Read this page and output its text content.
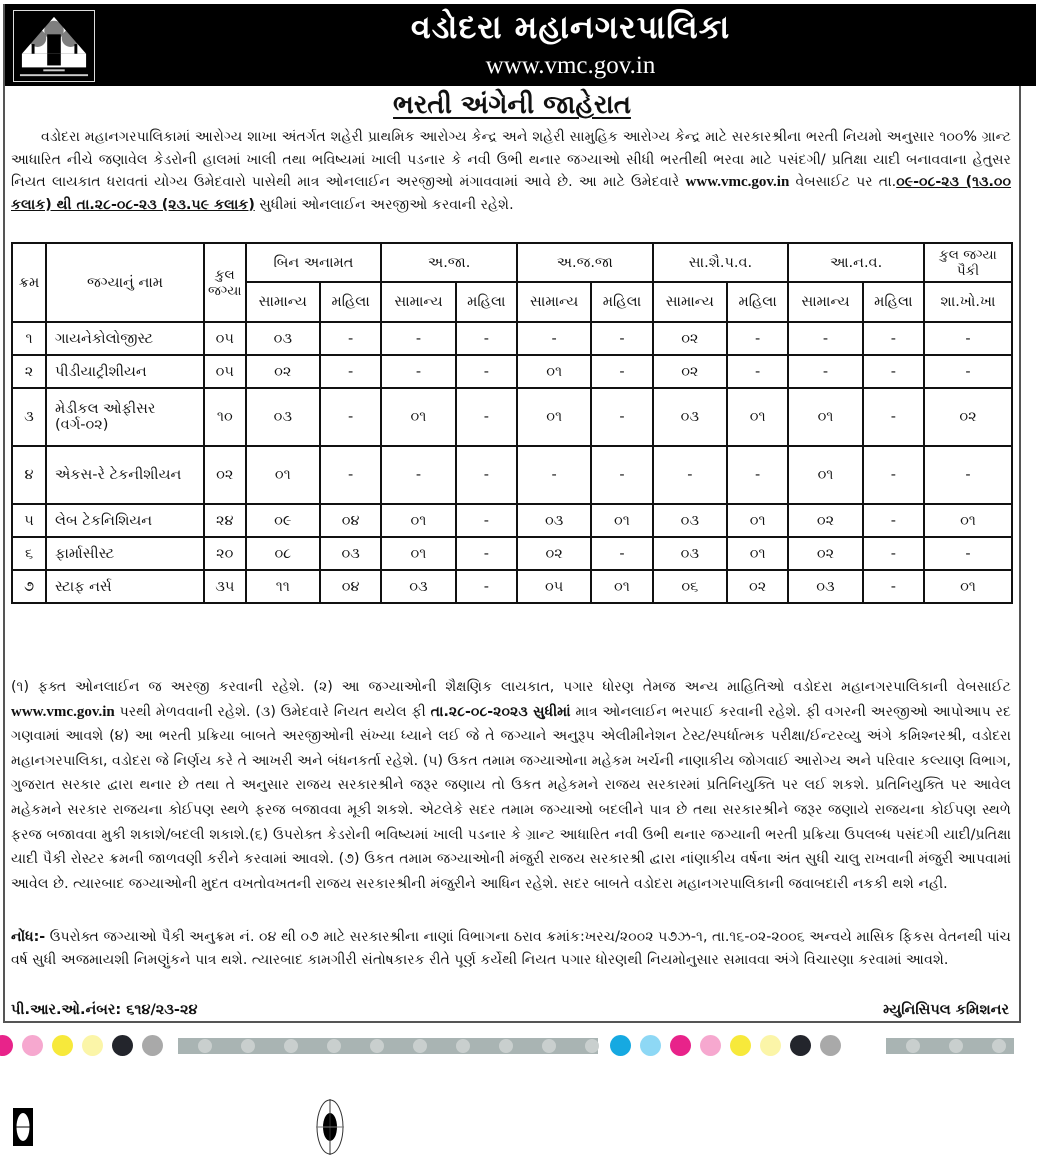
વડોદરા મહાનગરપાલિકા
www.vmc.gov.in
ભરતી અંગેની જાહેરાત
વડોદરા મહાનગરપાલિકામાં આરોગ્ય શાખા અંતર્ગત શહેરી પ્રાથમિક આરોગ્ય કેન્દ્ર અને શહેરી સામુહિક આરોગ્ય કેન્દ્ર માટે સરકારશ્રીના ભરતી નિયમો અનુસાર ૧૦૦% ગ્રાન્ટ આધારિત નીચે જણાવેલ કેડરોની હાલમાં ખાલી તથા ભવિષ્યમાં ખાલી પડનાર કે નવી ઉભી થનાર જગ્યાઓ સીધી ભરતીથી ભરવા માટે પસંદગી/ પ્રતિક્ષા યાદી બનાવવાના હેતુસર નિયત લાયકાત ધરાવતાં યોગ્ય ઉમેદવારો પાસેથી માત્ર ઓનલાઈન અરજીઓ મંગાવવામાં આવે છે. આ માટે ઉમેદવારે www.vmc.gov.in વેબસાઈટ પર તા.૦૯-૦૮-૨૩ (૧૩.૦૦ કલાક) થી તા.૨૮-૦૮-૨૩ (૨૩.૫૯ કલાક) સુધીમાં ઓનલાઈન અરજીઓ કરવાની રહેશે.
ક્રમ	જગ્યાનું નામ	કુલ જગ્યા	બિન અનામત		અ.જા.		અ.જ.જા		સા.શૈ.પ.વ.		આ.ન.વ.		કુલ જગ્યા પૈકી
			સામાન્ય	મહિલા	સામાન્ય	મહિલા	સામાન્ય	મહિલા	સામાન્ય	મહિલા	સામાન્ય	મહિલા	શા.ખો.ખા
૧	ગાયનેકોલોજીસ્ટ	૦૫	૦૩	-	-	-	-	-	૦૨	-	-	-	-
૨	પીડીયાટ્રીશીયન	૦૫	૦૨	-	-	-	૦૧	-	૦૨	-	-	-	-
૩	મેડીકલ ઓફીસર (વર્ગ-૦૨)	૧૦	૦૩	-	૦૧	-	૦૧	-	૦૩	૦૧	૦૧	-	૦૨
૪	એકસ-રે ટેકનીશીયન	૦૨	૦૧	-	-	-	-	-	-	-	૦૧	-	-
૫	લેબ ટેકનિશિયન	૨૪	૦૯	૦૪	૦૧	-	૦૩	૦૧	૦૩	૦૧	૦૨	-	૦૧
૬	ફાર્માસીસ્ટ	૨૦	૦૮	૦૩	૦૧	-	૦૨	-	૦૩	૦૧	૦૨	-	-
૭	સ્ટાફ નર્સ	૩૫	૧૧	૦૪	૦૩	-	૦૫	૦૧	૦૬	૦૨	૦૩	-	૦૧
(૧) ફક્ત ઓનલાઈન જ અરજી કરવાની રહેશે. (૨) આ જગ્યાઓની શૈક્ષણિક લાયકાત, પગાર ધોરણ તેમજ અન્ય માહિતિઓ વડોદરા મહાનગરપાલિકાની વેબસાઈટ www.vmc.gov.in પરથી મેળવવાની રહેશે. (૩) ઉમેદવારે નિયત થયેલ ફી તા.૨૮-૦૮-૨૦૨૩ સુધીમાં માત્ર ઓનલાઈન ભરપાઈ કરવાની રહેશે. ફી વગરની અરજીઓ આપોઆપ રદ ગણવામાં આવશે (૪) આ ભરતી પ્રક્રિયા બાબતે અરજીઓની સંખ્યા ધ્યાને લઈ જે તે જગ્યાને અનુરૂપ એલીમીનેશન ટેસ્ટ/સ્પર્ધાત્મક પરીક્ષા/ઈન્ટરવ્યુ અંગે કમિશ્નરશ્રી, વડોદરા મહાનગરપાલિકા, વડોદરા જે નિર્ણય કરે તે આખરી અને બંધનકર્તા રહેશે. (૫) ઉકત તમામ જગ્યાઓના મહેકમ ખર્ચની નાણાકીય જોગવાઈ આરોગ્ય અને પરિવાર કલ્યાણ વિભાગ, ગુજરાત સરકાર દ્વારા થનાર છે તથા તે અનુસાર રાજય સરકારશ્રીને જરૂર જણાય તો ઉકત મહેકમને રાજય સરકારમાં પ્રતિનિયુક્તિ પર લઈ શકશે. પ્રતિનિયુક્તિ પર આવેલ મહેકમને સરકાર રાજયના કોઈપણ સ્થળે ફરજ બજાવવા મૂકી શકશે. એટલેકે સદર તમામ જગ્યાઓ બદલીને પાત્ર છે તથા સરકારશ્રીને જરૂર જણાયે રાજયના કોઈપણ સ્થળે ફરજ બજાવવા મુકી શકાશે/બદલી શકાશે.(૬) ઉપરોક્ત કેડરોની ભવિષ્યમાં ખાલી પડનાર કે ગ્રાન્ટ આધારિત નવી ઉભી થનાર જગ્યાની ભરતી પ્રક્રિયા ઉપલબ્ધ પસંદગી યાદી/પ્રતિક્ષા યાદી પૈકી રોસ્ટર ક્રમની જાળવણી કરીને કરવામાં આવશે. (૭) ઉકત તમામ જગ્યાઓની મંજુરી રાજય સરકારશ્રી દ્વારા નાંણાકીય વર્ષના અંત સુધી ચાલુ રાખવાની મંજુરી આપવામાં આવેલ છે. ત્યારબાદ જગ્યાઓની મુદત વખતોવખતની રાજય સરકારશ્રીની મંજુરીને આધિન રહેશે. સદર બાબતે વડોદરા મહાનગરપાલિકાની જવાબદારી નકકી થશે નહી.
નોંધ:- ઉપરોક્ત જગ્યાઓ પૈકી અનુક્રમ નં. ૦૪ થી ૦૭ માટે સરકારશ્રીના નાણાં વિભાગના ઠરાવ ક્રમાંક:ખરચ/૨૦૦૨ ૫૭ઝ-૧, તા.૧૬-૦૨-૨૦૦૬ અન્વયે માસિક ફિકસ વેતનથી પાંચ વર્ષ સુધી અજમાયશી નિમણુંકને પાત્ર થશે. ત્યારબાદ કામગીરી સંતોષકારક રીતે પૂર્ણ કર્યેથી નિયત પગાર ધોરણથી નિયમોનુસાર સમાવવા અંગે વિચારણા કરવામાં આવશે.
પી.આર.ઓ.નંબર: ૬૧૪/૨૩-૨૪	મ્યુનિસિપલ કમિશનર
